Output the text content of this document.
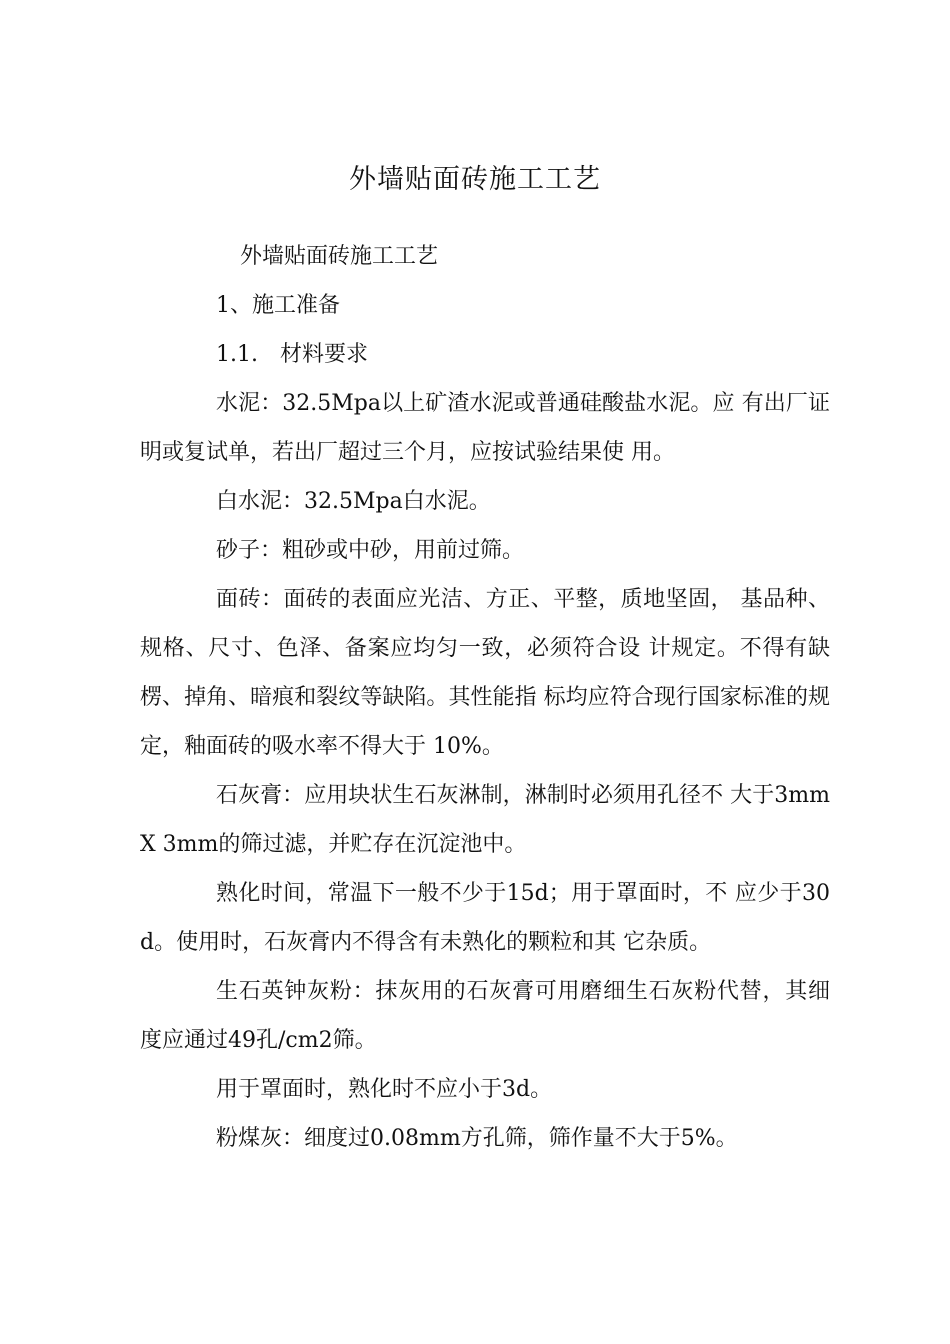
外墙贴面砖施工工艺

外墙贴面砖施工工艺

1、施工准备

1.1.　材料要求

水泥：32.5Mpa以上矿渣水泥或普通硅酸盐水泥。应 有出厂证明或复试单，若出厂超过三个月，应按试验结果使 用。

白水泥：32.5Mpa白水泥。

砂子：粗砂或中砂，用前过筛。

面砖：面砖的表面应光洁、方正、平整，质地坚固， 基品种、规格、尺寸、色泽、备案应均匀一致，必须符合设 计规定。不得有缺楞、掉角、暗痕和裂纹等缺陷。其性能指 标均应符合现行国家标准的规定，釉面砖的吸水率不得大于 10%。

石灰膏：应用块状生石灰淋制，淋制时必须用孔径不 大于3mmX 3mm的筛过滤，并贮存在沉淀池中。

熟化时间，常温下一般不少于15d；用于罩面时，不 应少于30d。使用时，石灰膏内不得含有未熟化的颗粒和其 它杂质。

生石英钟灰粉：抹灰用的石灰膏可用磨细生石灰粉代替，其细度应通过49孔/cm2筛。

用于罩面时，熟化时不应小于3d。

粉煤灰：细度过0.08mm方孔筛，筛作量不大于5%。
